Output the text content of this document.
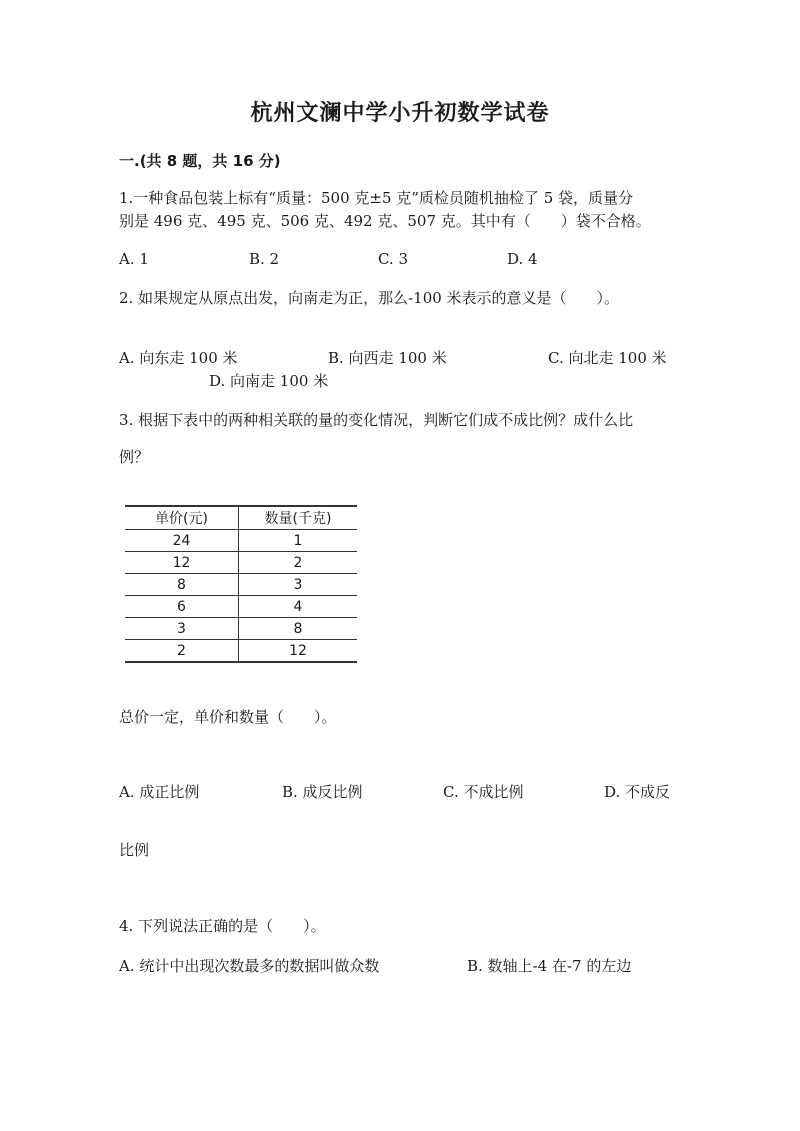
杭州文澜中学小升初数学试卷
一.(共 8 题，共 16 分)
1.一种食品包装上标有“质量：500 克±5 克”质检员随机抽检了 5 袋，质量分
别是 496 克、495 克、506 克、492 克、507 克。其中有（　　）袋不合格。
A. 1	B. 2	C. 3	D. 4
2. 如果规定从原点出发，向南走为正，那么-100 米表示的意义是（　　）。
A. 向东走 100 米	B. 向西走 100 米	C. 向北走 100 米
D. 向南走 100 米
3. 根据下表中的两种相关联的量的变化情况，判断它们成不成比例？成什么比
例？
单价(元)	数量(千克)
24	1
12	2
8	3
6	4
3	8
2	12
总价一定，单价和数量（　　）。
A. 成正比例	B. 成反比例	C. 不成比例	D. 不成反
比例
4. 下列说法正确的是（　　）。
A. 统计中出现次数最多的数据叫做众数	B. 数轴上-4 在-7 的左边
